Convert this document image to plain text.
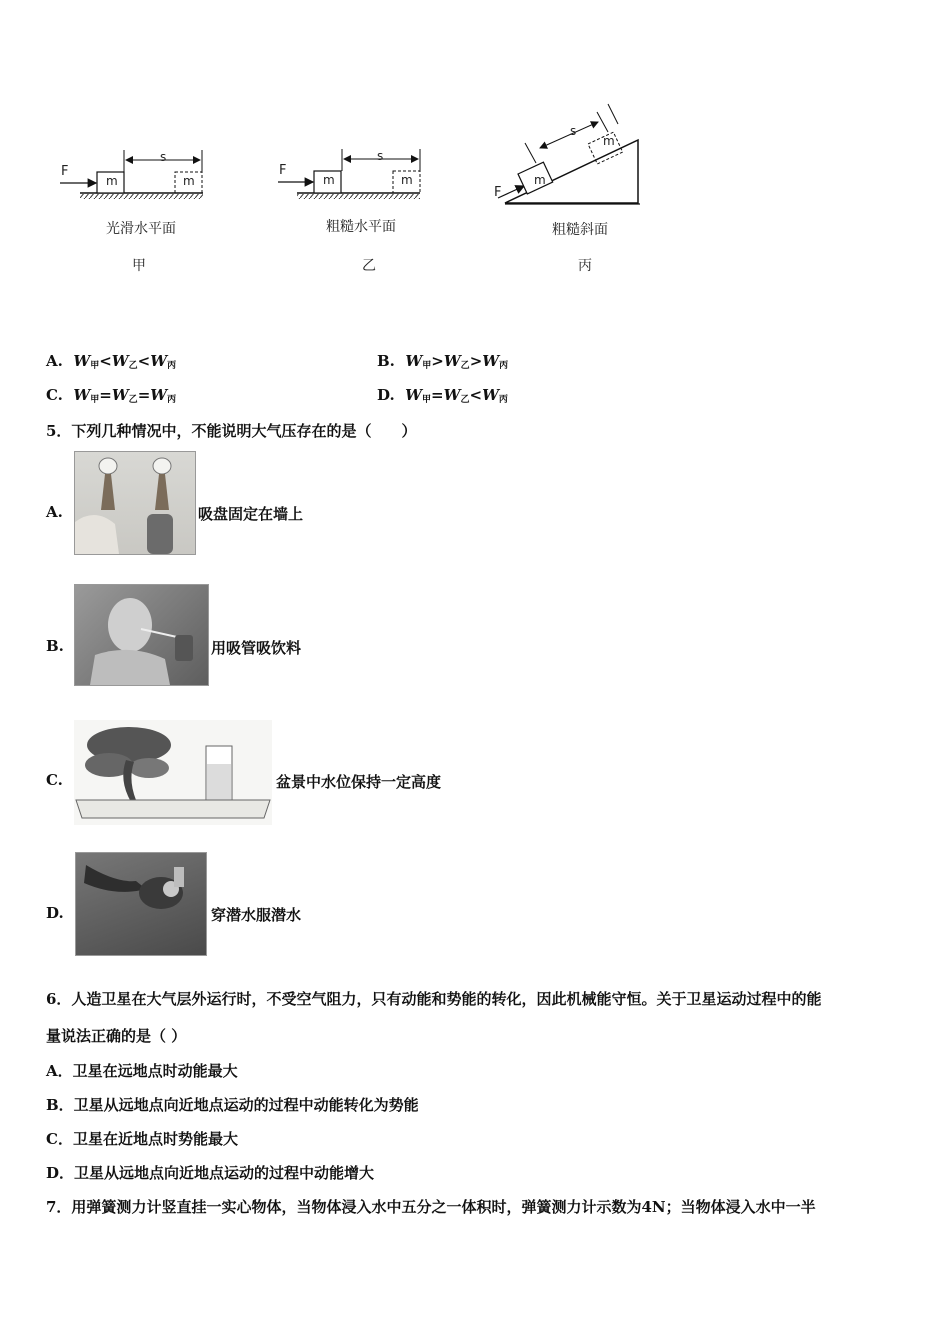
F
m	m
s
光滑水平面
甲
F
m	m
s
粗糙水平面
乙
F
m
m
s
粗糙斜面
丙
A. $W_甲<W_乙<W_丙$	B. $W_甲>W_乙>W_丙$
C. $W_甲=W_乙=W_丙$	D. $W_甲=W_乙<W_丙$
5．下列几种情况中，不能说明大气压存在的是（　　）
A.	吸盘固定在墙上
B.	用吸管吸饮料
C.	盆景中水位保持一定高度
D.	穿潜水服潜水
6．人造卫星在大气层外运行时，不受空气阻力，只有动能和势能的转化，因此机械能守恒。关于卫星运动过程中的能
量说法正确的是（ ）
A．卫星在远地点时动能最大
B．卫星从远地点向近地点运动的过程中动能转化为势能
C．卫星在近地点时势能最大
D．卫星从远地点向近地点运动的过程中动能增大
7．用弹簧测力计竖直挂一实心物体，当物体浸入水中五分之一体积时，弹簧测力计示数为4N；当物体浸入水中一半
